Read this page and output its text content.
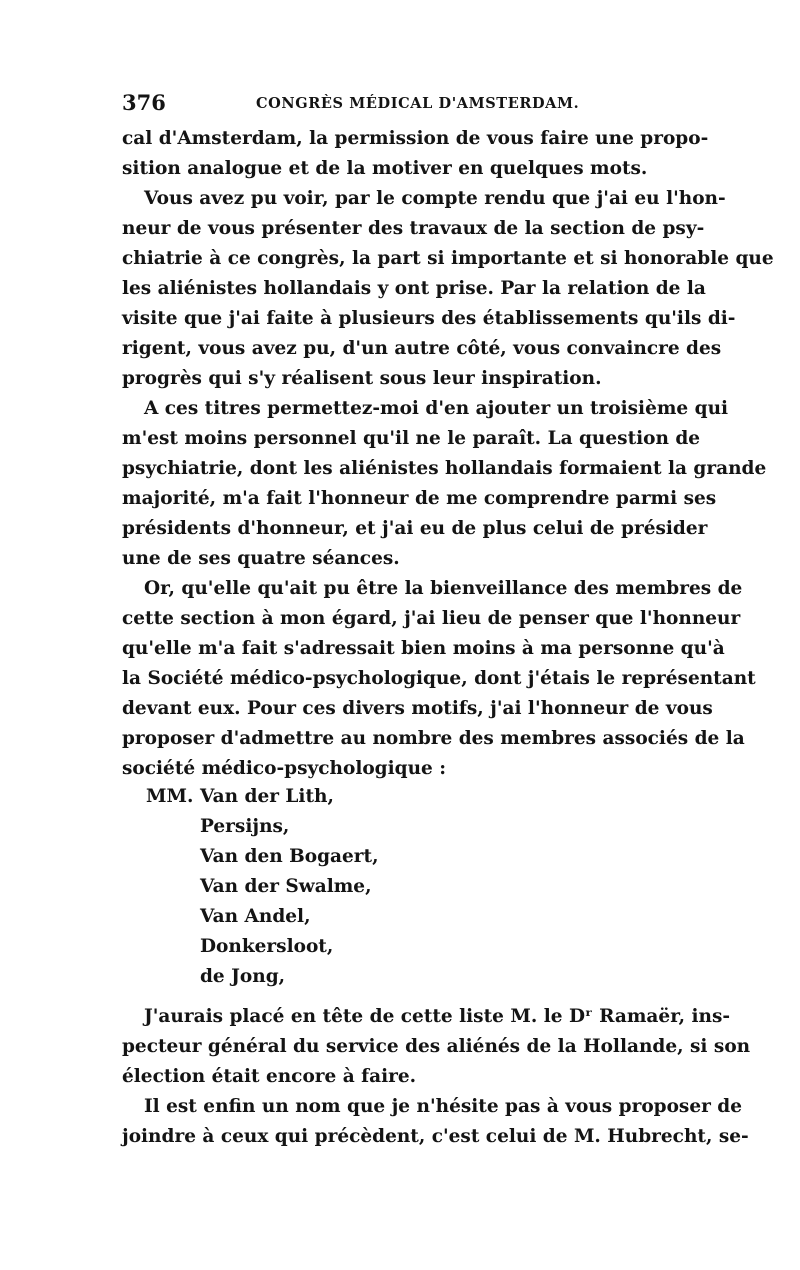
376	CONGRÈS MÉDICAL D'AMSTERDAM.
cal d'Amsterdam, la permission de vous faire une propo-
sition analogue et de la motiver en quelques mots.
Vous avez pu voir, par le compte rendu que j'ai eu l'hon-
neur de vous présenter des travaux de la section de psy-
chiatrie à ce congrès, la part si importante et si honorable que
les aliénistes hollandais y ont prise. Par la relation de la
visite que j'ai faite à plusieurs des établissements qu'ils di-
rigent, vous avez pu, d'un autre côté, vous convaincre des
progrès qui s'y réalisent sous leur inspiration.
A ces titres permettez-moi d'en ajouter un troisième qui
m'est moins personnel qu'il ne le paraît. La question de
psychiatrie, dont les aliénistes hollandais formaient la grande
majorité, m'a fait l'honneur de me comprendre parmi ses
présidents d'honneur, et j'ai eu de plus celui de présider
une de ses quatre séances.
Or, qu'elle qu'ait pu être la bienveillance des membres de
cette section à mon égard, j'ai lieu de penser que l'honneur
qu'elle m'a fait s'adressait bien moins à ma personne qu'à
la Société médico-psychologique, dont j'étais le représentant
devant eux. Pour ces divers motifs, j'ai l'honneur de vous
proposer d'admettre au nombre des membres associés de la
société médico-psychologique :
MM. Van der Lith,
Persijns,
Van den Bogaert,
Van der Swalme,
Van Andel,
Donkersloot,
de Jong,
J'aurais placé en tête de cette liste M. le Dʳ Ramaër, ins-
pecteur général du service des aliénés de la Hollande, si son
élection était encore à faire.
Il est enfin un nom que je n'hésite pas à vous proposer de
joindre à ceux qui précèdent, c'est celui de M. Hubrecht, se-
